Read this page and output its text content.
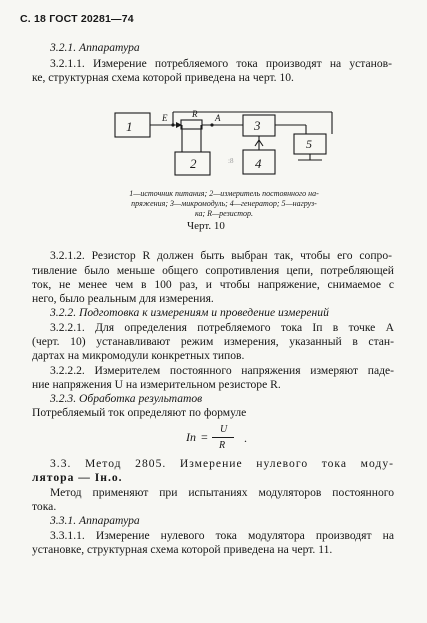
С. 18 ГОСТ 20281—74
3.2.1. Аппаратура
3.2.1.1. Измерение потребляемого тока производят на установ-
ке, структурная схема которой приведена на черт. 10.
:8
1
2
3
4
5
E	R A
1—источник питания; 2—измеритель постоянного на-
пряжения; 3—микромодуль; 4—генератор; 5—нагруз-
ка; R—резистор.
Черт. 10
3.2.1.2. Резистор R должен быть выбран так, чтобы его сопро-
тивление было меньше общего сопротивления цепи, потребляющей
ток, не менее чем в 100 раз, и чтобы напряжение, снимаемое с
него, было реальным для измерения.
3.2.2. Подготовка к измерениям и проведение измерений
3.2.2.1. Для определения потребляемого тока Iп в точке A
(черт. 10) устанавливают режим измерения, указанный в стан-
дартах на микромодули конкретных типов.
3.2.2.2. Измерителем постоянного напряжения измеряют паде-
ние напряжения U на измерительном резисторе R.
3.2.3. Обработка результатов
Потребляемый ток определяют по формуле
Iп =
U
R
.
3.3. Метод 2805. Измерение нулевого тока моду-
лятора — Iн.о.
Метод применяют при испытаниях модуляторов постоянного
тока.
3.3.1. Аппаратура
3.3.1.1. Измерение нулевого тока модулятора производят на
установке, структурная схема которой приведена на черт. 11.
